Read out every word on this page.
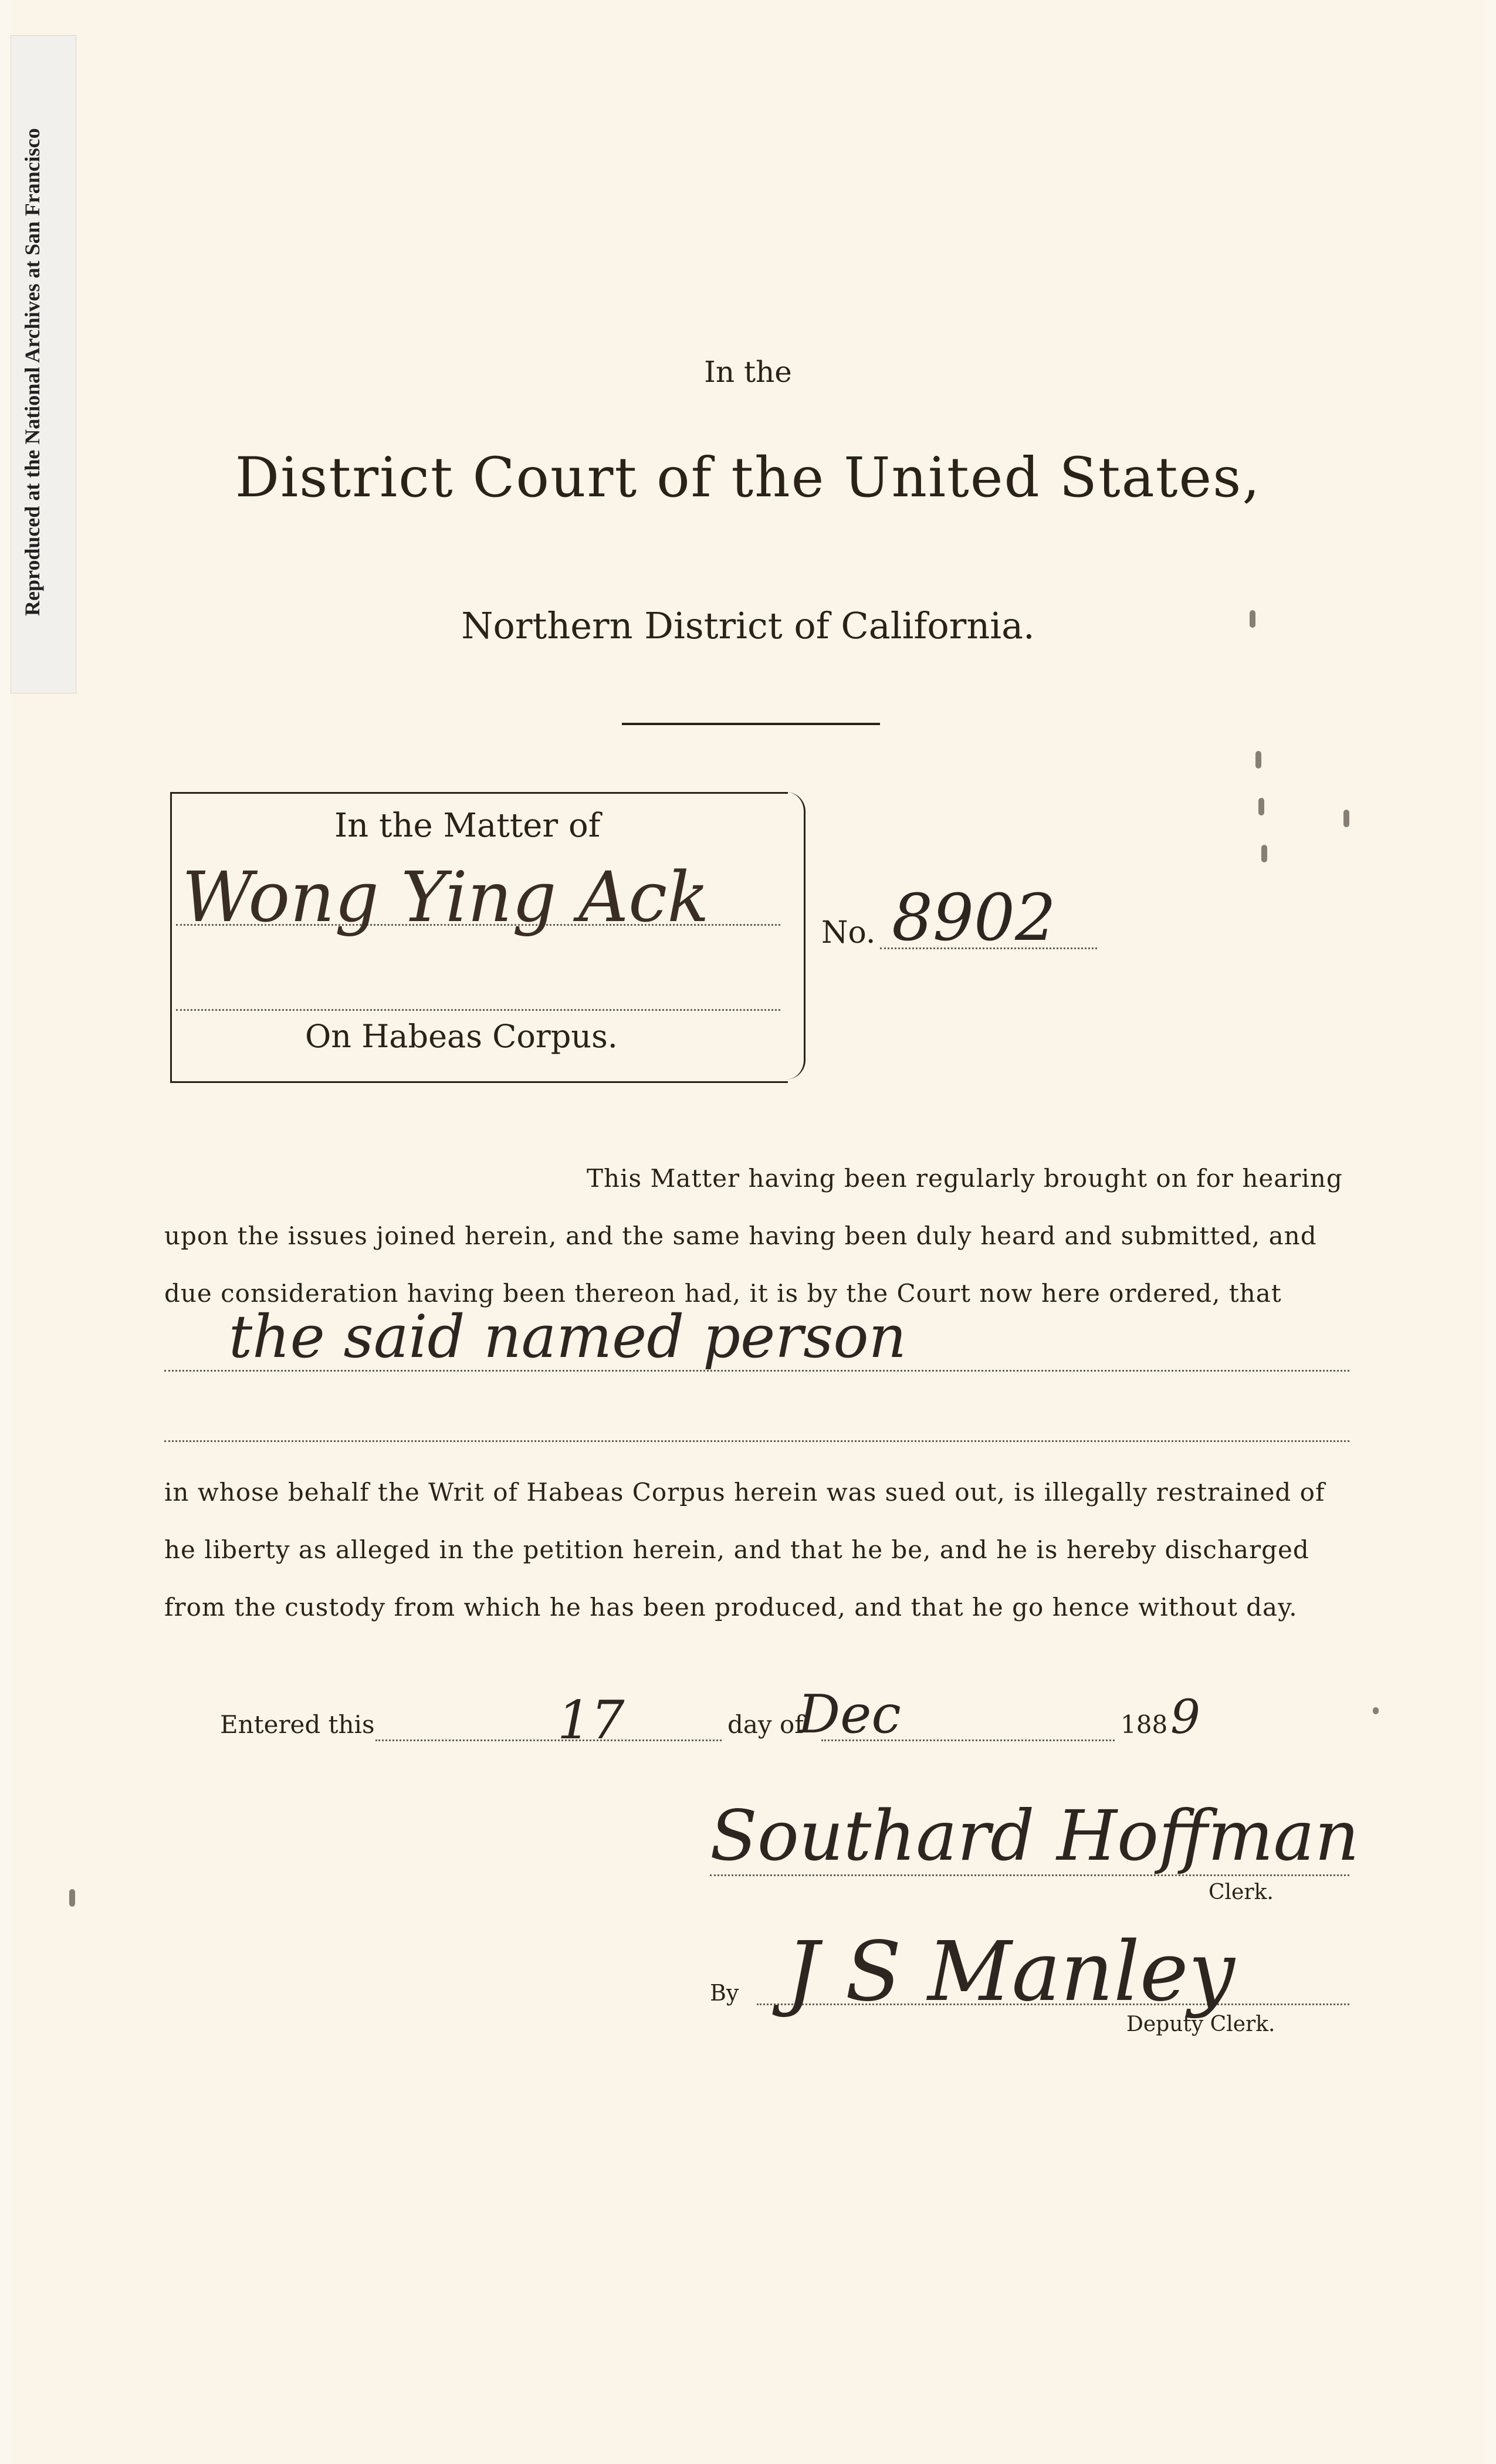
Reproduced at the National Archives at San Francisco	In the
District Court of the United States,
Northern District of California.
In the Matter of
Wong Ying Ack
On Habeas Corpus.
No. 8902
This Matter having been regularly brought on for hearing upon the issues joined herein, and the same having been duly heard and submitted, and due consideration having been thereon had, it is by the Court now here ordered, that
the said named person
in whose behalf the Writ of Habeas Corpus herein was sued out, is illegally restrained of he liberty as alleged in the petition herein, and that he be, and he is hereby discharged from the custody from which he has been produced, and that he go hence without day.
Entered this	17	day of
Dec	188 9
Southard Hoffman
Clerk.
By J S Manley
Deputy Clerk.
